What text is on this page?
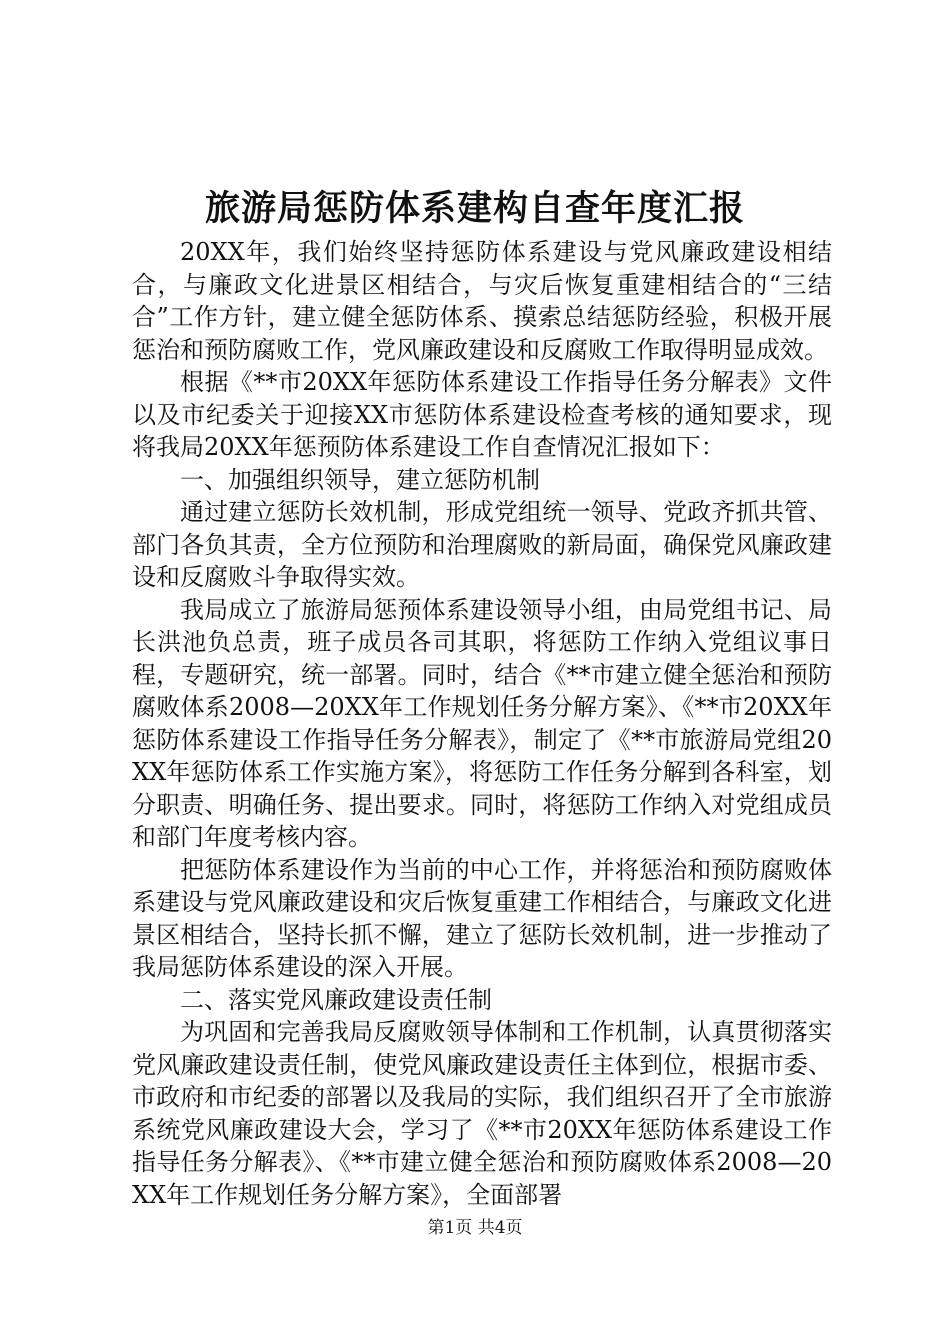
旅游局惩防体系建构自查年度汇报

20XX年，我们始终坚持惩防体系建设与党风廉政建设相结合，与廉政文化进景区相结合，与灾后恢复重建相结合的“三结合”工作方针，建立健全惩防体系、摸索总结惩防经验，积极开展惩治和预防腐败工作，党风廉政建设和反腐败工作取得明显成效。

根据《**市20XX年惩防体系建设工作指导任务分解表》文件以及市纪委关于迎接XX市惩防体系建设检查考核的通知要求，现将我局20XX年惩预防体系建设工作自查情况汇报如下：

一、加强组织领导，建立惩防机制

通过建立惩防长效机制，形成党组统一领导、党政齐抓共管、部门各负其责，全方位预防和治理腐败的新局面，确保党风廉政建设和反腐败斗争取得实效。

我局成立了旅游局惩预体系建设领导小组，由局党组书记、局长洪池负总责，班子成员各司其职，将惩防工作纳入党组议事日程，专题研究，统一部署。同时，结合《**市建立健全惩治和预防腐败体系2008—20XX年工作规划任务分解方案》、《**市20XX年惩防体系建设工作指导任务分解表》，制定了《**市旅游局党组20XX年惩防体系工作实施方案》，将惩防工作任务分解到各科室，划分职责、明确任务、提出要求。同时，将惩防工作纳入对党组成员和部门年度考核内容。

把惩防体系建设作为当前的中心工作，并将惩治和预防腐败体系建设与党风廉政建设和灾后恢复重建工作相结合，与廉政文化进景区相结合，坚持长抓不懈，建立了惩防长效机制，进一步推动了我局惩防体系建设的深入开展。

二、落实党风廉政建设责任制

为巩固和完善我局反腐败领导体制和工作机制，认真贯彻落实党风廉政建设责任制，使党风廉政建设责任主体到位，根据市委、市政府和市纪委的部署以及我局的实际，我们组织召开了全市旅游系统党风廉政建设大会，学习了《**市20XX年惩防体系建设工作指导任务分解表》、《**市建立健全惩治和预防腐败体系2008—20XX年工作规划任务分解方案》，全面部署

第1页 共4页
